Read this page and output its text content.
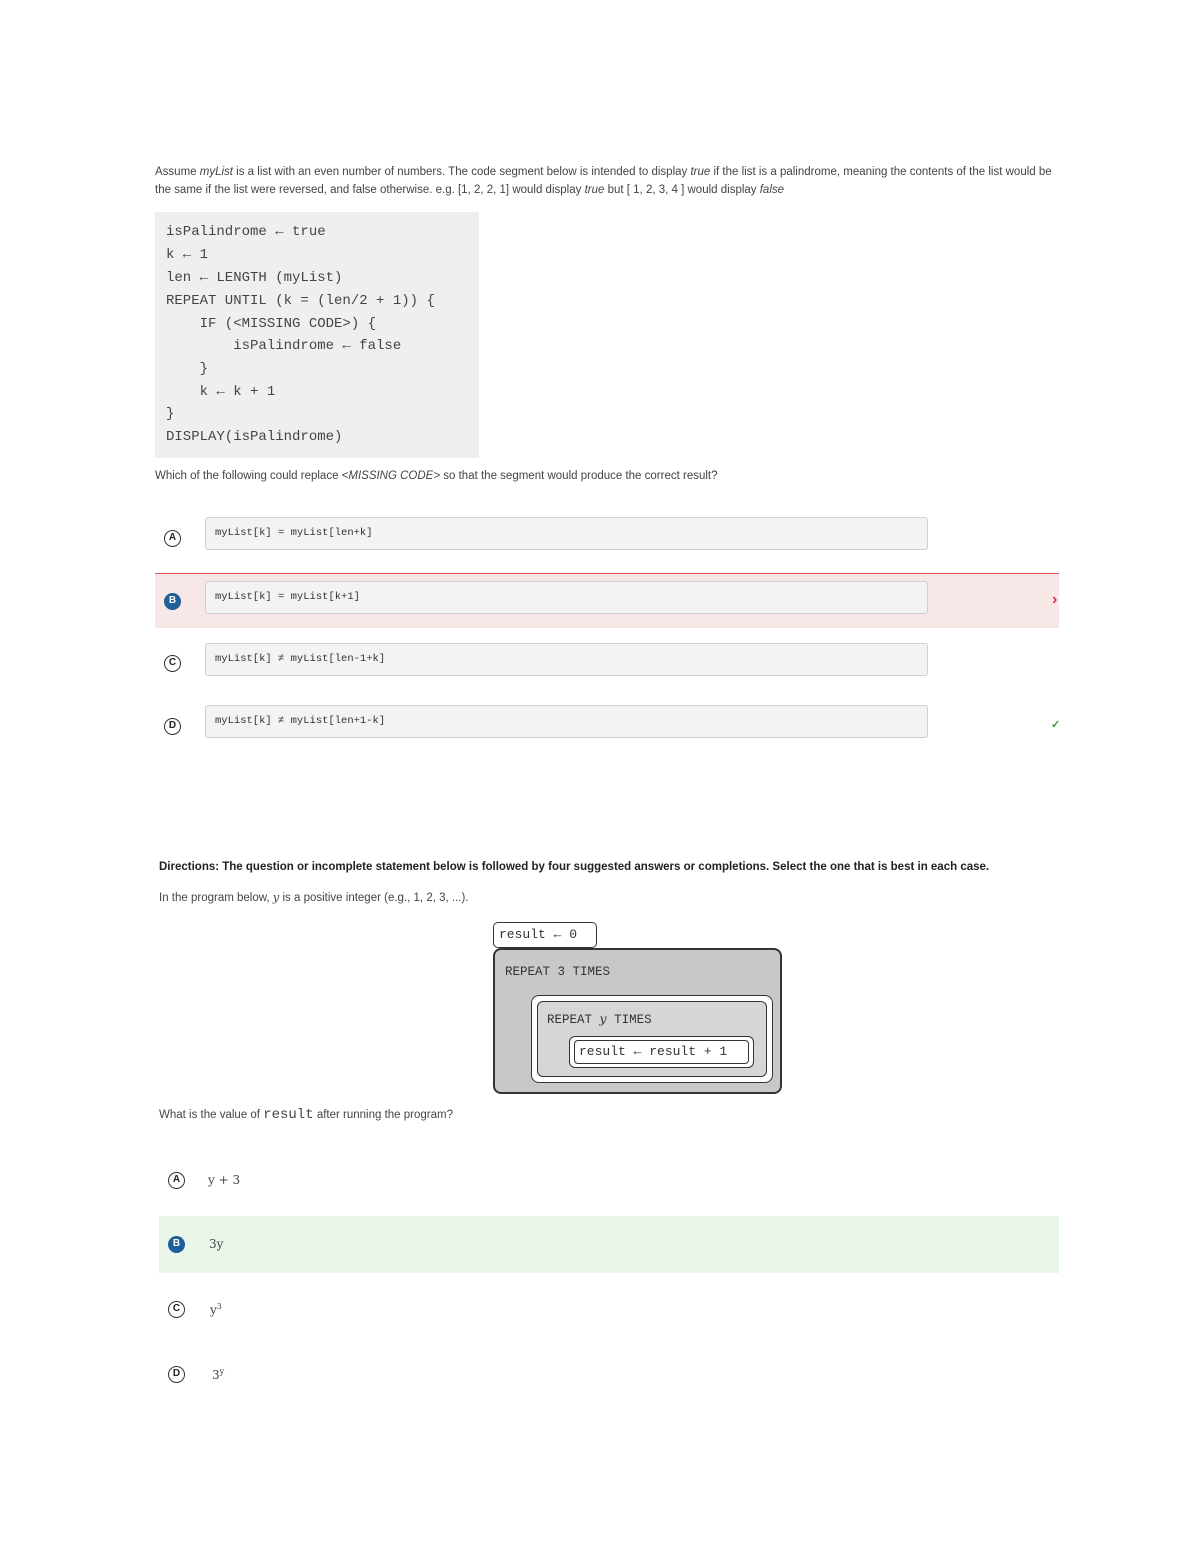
Assume myList is a list with an even number of numbers. The code segment below is intended to display true if the list is a palindrome, meaning the contents of the list would be the same if the list were reversed, and false otherwise. e.g. [1, 2, 2, 1] would display true but [ 1, 2, 3, 4 ] would display false
isPalindrome ← true
k ← 1
len ← LENGTH (myList)
REPEAT UNTIL (k = (len/2 + 1)) {
IF (<MISSING CODE>) {
isPalindrome ← false
}
k ← k + 1
}
DISPLAY(isPalindrome)
Which of the following could replace <MISSING CODE> so that the segment would produce the correct result?
A	myList[k] = myList[len+k]
B	myList[k] = myList[k+1]	›
C	myList[k] ≠ myList[len-1+k]
D	myList[k] ≠ myList[len+1-k]	✓
Directions: The question or incomplete statement below is followed by four suggested answers or completions. Select the one that is best in each case.
In the program below, y is a positive integer (e.g., 1, 2, 3, ...).
result ← 0
REPEAT 3 TIMES
REPEAT y TIMES
result ← result + 1
What is the value of result after running the program?
A	y + 3
B	3y
C	$y^3$
D	3$^y$
